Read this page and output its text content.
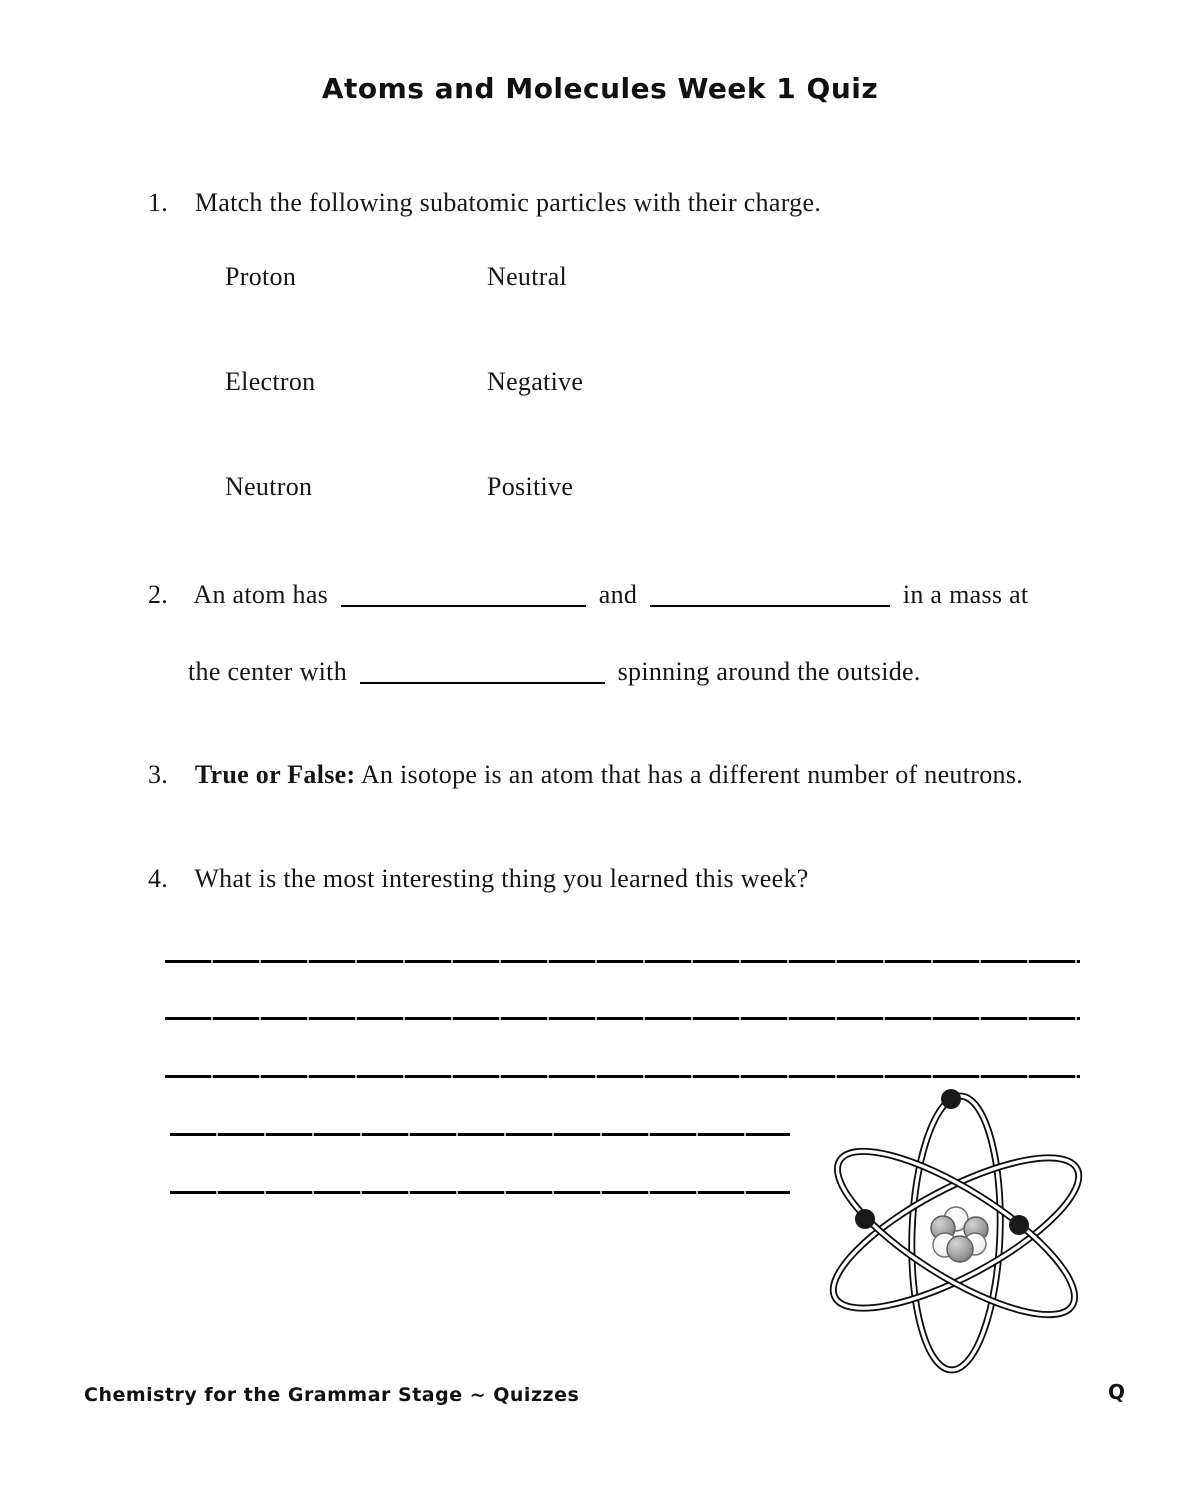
Atoms and Molecules Week 1 Quiz
1. Match the following subatomic particles with their charge.
Proton	Neutral
Electron	Negative
Neutron	Positive
2. An atom has	and	in a mass at
the center with	spinning around the outside.
3. True or False: An isotope is an atom that has a different number of neutrons.
4. What is the most interesting thing you learned this week?
Chemistry for the Grammar Stage ~ Quizzes	Q
